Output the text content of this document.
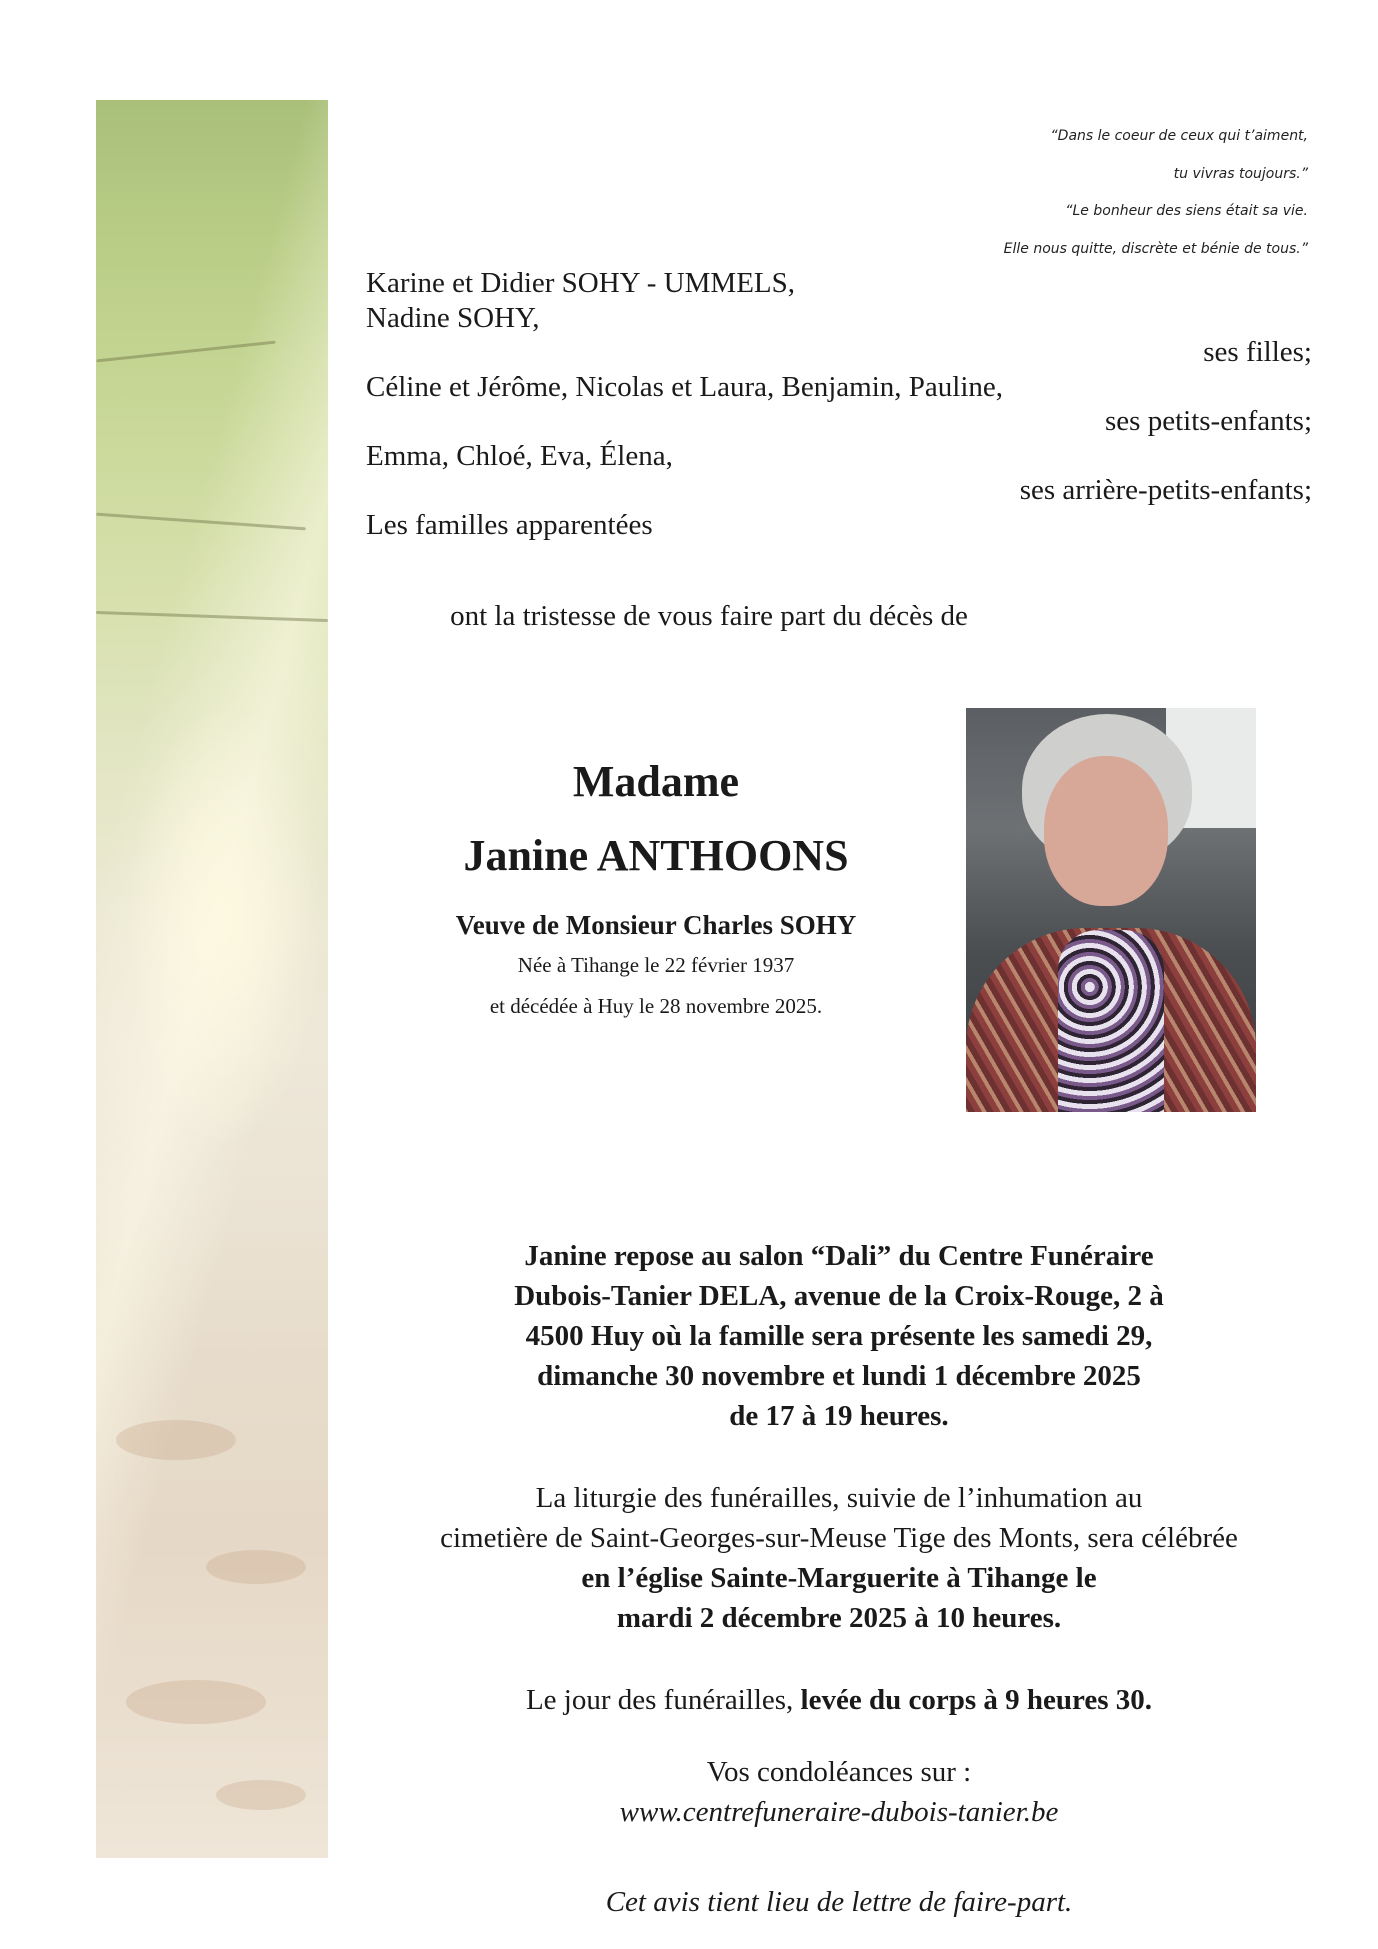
“Dans le coeur de ceux qui t’aiment,
tu vivras toujours.”
“Le bonheur des siens était sa vie.
Elle nous quitte, discrète et bénie de tous.”

Karine et Didier SOHY - UMMELS,

Nadine SOHY,

ses filles;

Céline et Jérôme, Nicolas et Laura, Benjamin, Pauline,

ses petits-enfants;

Emma, Chloé, Eva, Élena,

ses arrière-petits-enfants;

Les familles apparentées

ont la tristesse de vous faire part du décès de
Madame
Janine ANTHOONS
Veuve de Monsieur Charles SOHY
Née à Tihange le 22 février 1937
et décédée à Huy le 28 novembre 2025.

Janine repose au salon “Dali” du Centre Funéraire

Dubois-Tanier DELA, avenue de la Croix-Rouge, 2 à

4500 Huy où la famille sera présente les samedi 29,

dimanche 30 novembre et lundi 1 décembre 2025

de 17 à 19 heures.

La liturgie des funérailles, suivie de l’inhumation au

cimetière de Saint-Georges-sur-Meuse Tige des Monts, sera célébrée

en l’église Sainte-Marguerite à Tihange le

mardi 2 décembre 2025 à 10 heures.

Le jour des funérailles, levée du corps à 9 heures 30.

Vos condoléances sur :

www.centrefuneraire-dubois-tanier.be

Cet avis tient lieu de lettre de faire-part.
